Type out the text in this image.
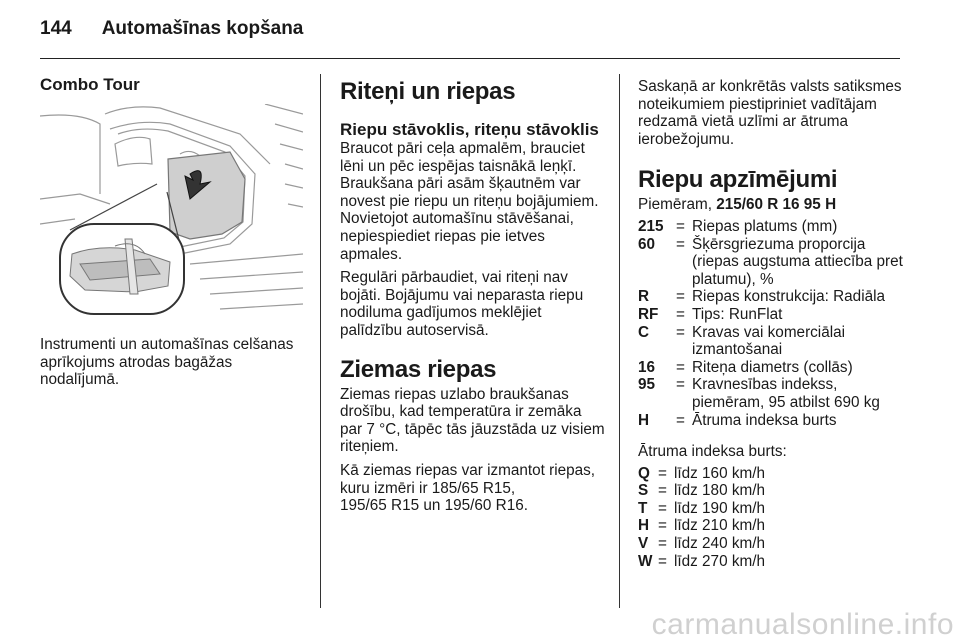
144 Automašīnas kopšana
Combo Tour

Instrumenti un automašīnas celšanas aprīkojums atrodas bagāžas nodalījumā.

Riteņi un riepas
Riepu stāvoklis, riteņu stāvoklis

Braucot pāri ceļa apmalēm, brauciet lēni un pēc iespējas taisnākā leņķī. Braukšana pāri asām šķautnēm var novest pie riepu un riteņu bojājumiem. Novietojot automašīnu stāvēšanai, nepiespiediet riepas pie ietves apmales.

Regulāri pārbaudiet, vai riteņi nav bojāti. Bojājumu vai neparasta riepu nodiluma gadījumos meklējiet palīdzību autoservisā.

Ziemas riepas

Ziemas riepas uzlabo braukšanas drošību, kad temperatūra ir zemāka par 7 °C, tāpēc tās jāuzstāda uz visiem riteņiem.

Kā ziemas riepas var izmantot riepas, kuru izmēri ir 185/65 R15,
195/65 R15 un 195/60 R16.

Saskaņā ar konkrētās valsts satiksmes noteikumiem piestipriniet vadītājam redzamā vietā uzlīmi ar ātruma ierobežojumu.

Riepu apzīmējumi

Piemēram, 215/60 R 16 95 H

215 = Riepas platums (mm)
60	= Šķērsgriezuma proporcija (riepas augstuma attiecība pret platumu), %
R	= Riepas konstrukcija: Radiāla
RF	= Tips: RunFlat
C	= Kravas vai komerciālai izmantošanai
16	= Riteņa diametrs (collās)
95	= Kravnesības indekss, piemēram, 95 atbilst 690 kg
H	= Ātruma indeksa burts

Ātruma indeksa burts:

Q = līdz 160 km/h
S = līdz 180 km/h
T = līdz 190 km/h
H = līdz 210 km/h
V = līdz 240 km/h
W = līdz 270 km/h
carmanualsonline.info
